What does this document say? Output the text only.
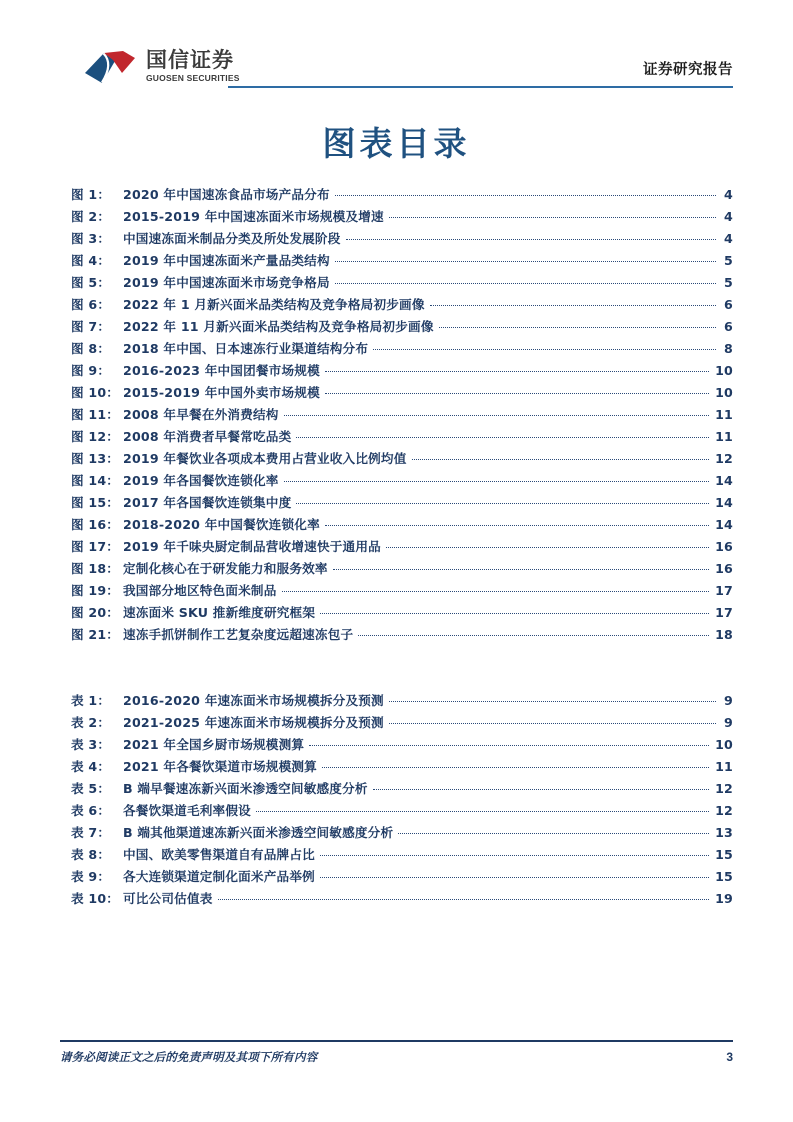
国信证券
GUOSEN SECURITIES
证券研究报告
图表目录
图 1：	2020 年中国速冻食品市场产品分布	4
图 2：	2015-2019 年中国速冻面米市场规模及增速	4
图 3：	中国速冻面米制品分类及所处发展阶段	4
图 4：	2019 年中国速冻面米产量品类结构	5
图 5：	2019 年中国速冻面米市场竞争格局	5
图 6：	2022 年 1 月新兴面米品类结构及竞争格局初步画像	6
图 7：	2022 年 11 月新兴面米品类结构及竞争格局初步画像	6
图 8：	2018 年中国、日本速冻行业渠道结构分布	8
图 9：	2016-2023 年中国团餐市场规模	10
图 10： 2015-2019 年中国外卖市场规模	10
图 11： 2008 年早餐在外消费结构	11
图 12： 2008 年消费者早餐常吃品类	11
图 13： 2019 年餐饮业各项成本费用占营业收入比例均值	12
图 14： 2019 年各国餐饮连锁化率	14
图 15： 2017 年各国餐饮连锁集中度	14
图 16： 2018-2020 年中国餐饮连锁化率	14
图 17： 2019 年千味央厨定制品营收增速快于通用品	16
图 18： 定制化核心在于研发能力和服务效率	16
图 19： 我国部分地区特色面米制品	17
图 20： 速冻面米 SKU 推新维度研究框架	17
图 21： 速冻手抓饼制作工艺复杂度远超速冻包子	18
表 1：	2016-2020 年速冻面米市场规模拆分及预测	9
表 2：	2021-2025 年速冻面米市场规模拆分及预测	9
表 3：	2021 年全国乡厨市场规模测算	10
表 4：	2021 年各餐饮渠道市场规模测算	11
表 5：	B 端早餐速冻新兴面米渗透空间敏感度分析	12
表 6：	各餐饮渠道毛利率假设	12
表 7：	B 端其他渠道速冻新兴面米渗透空间敏感度分析	13
表 8：	中国、欧美零售渠道自有品牌占比	15
表 9：	各大连锁渠道定制化面米产品举例	15
表 10： 可比公司估值表	19
请务必阅读正文之后的免责声明及其项下所有内容	3
